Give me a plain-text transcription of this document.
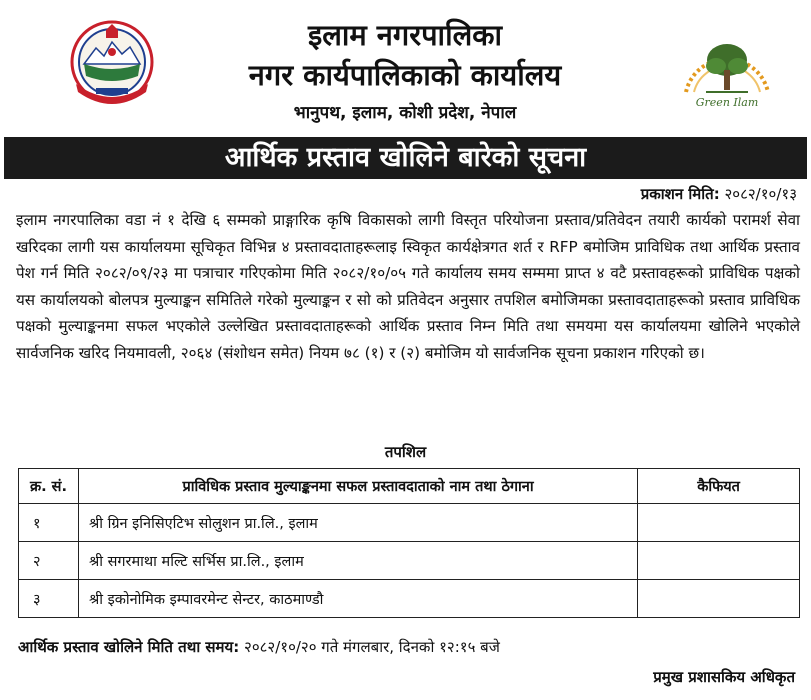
इलाम नगरपालिका
नगर कार्यपालिकाको कार्यालय
भानुपथ, इलाम, कोशी प्रदेश, नेपाल
Green Ilam
आर्थिक प्रस्ताव खोलिने बारेको सूचना
प्रकाशन मिति: २०८२/१०/१३

इलाम नगरपालिका वडा नं १ देखि ६ सम्मको प्राङ्गारिक कृषि विकासको लागी विस्तृत परियोजना प्रस्ताव/प्रतिवेदन तयारी कार्यको परामर्श सेवा खरिदका लागी यस कार्यालयमा सूचिकृत विभिन्न ४ प्रस्तावदाताहरूलाइ स्विकृत कार्यक्षेत्रगत शर्त र RFP बमोजिम प्राविधिक तथा आर्थिक प्रस्ताव पेश गर्न मिति २०८२/०९/२३ मा पत्राचार गरिएकोमा मिति २०८२/१०/०५ गते कार्यालय समय सम्ममा प्राप्त ४ वटै प्रस्तावहरूको प्राविधिक पक्षको यस कार्यालयको बोलपत्र मुल्याङ्कन समितिले गरेको मुल्याङ्कन र सो को प्रतिवेदन अनुसार तपशिल बमोजिमका प्रस्तावदाताहरूको प्रस्ताव प्राविधिक पक्षको मुल्याङ्कनमा सफल भएकोले उल्लेखित प्रस्तावदाताहरूको आर्थिक प्रस्ताव निम्न मिति तथा समयमा यस कार्यालयमा खोलिने भएकोले सार्वजनिक खरिद नियमावली, २०६४ (संशोधन समेत) नियम ७८ (१) र (२) बमोजिम यो सार्वजनिक सूचना प्रकाशन गरिएको छ।

तपशिल
क्र. सं.	प्राविधिक प्रस्ताव मुल्याङ्कनमा सफल प्रस्तावदाताको नाम तथा ठेगाना	कैफियत
१	श्री ग्रिन इनिसिएटिभ सोलुशन प्रा.लि., इलाम	
२	श्री सगरमाथा मल्टि सर्भिस प्रा.लि., इलाम	
३	श्री इकोनोमिक इम्पावरमेन्ट सेन्टर, काठमाण्डौ	
आर्थिक प्रस्ताव खोलिने मिति तथा समय: २०८२/१०/२० गते मंगलबार, दिनको १२:१५ बजे
प्रमुख प्रशासकिय अधिकृत
